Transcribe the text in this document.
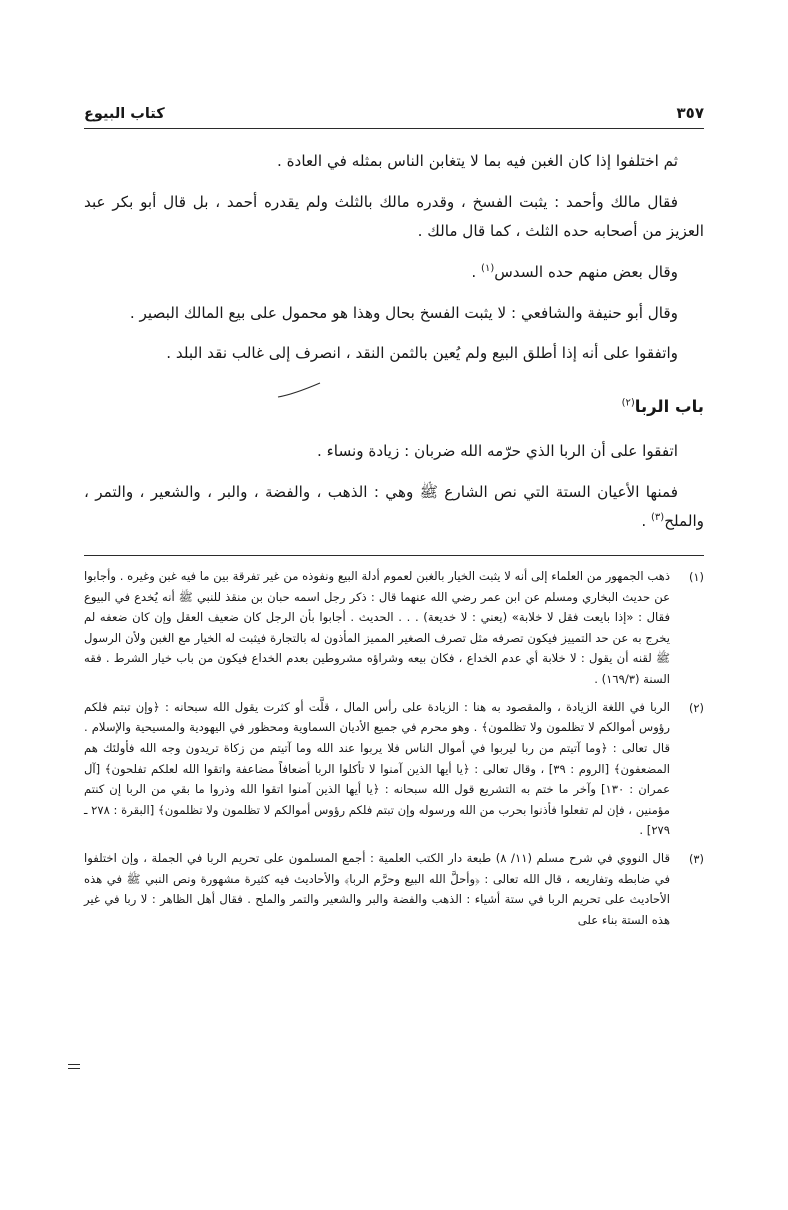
كتاب البيوع	٣٥٧

ثم اختلفوا إذا كان الغبن فيه بما لا يتغابن الناس بمثله في العادة .

فقال مالك وأحمد : يثبت الفسخ ، وقدره مالك بالثلث ولم يقدره أحمد ، بل قال أبو بكر عبد العزيز من أصحابه حده الثلث ، كما قال مالك .

وقال بعض منهم حده السدس$^{(١)}$ .

وقال أبو حنيفة والشافعي : لا يثبت الفسخ بحال وهذا هو محمول على بيع المالك البصير .

واتفقوا على أنه إذا أطلق البيع ولم يُعين بالثمن النقد ، انصرف إلى غالب نقد البلد .

باب الربا$^{(٢)}$

اتفقوا على أن الربا الذي حرّمه الله ضربان : زيادة ونساء .

فمنها الأعيان الستة التي نص الشارع ﷺ وهي : الذهب ، والفضة ، والبر ، والشعير ، والتمر ، والملح$^{(٣)}$ .

(١)
ذهب الجمهور من العلماء إلى أنه لا يثبت الخيار بالغبن لعموم أدلة البيع ونفوذه من غير تفرقة بين ما فيه غبن وغيره . وأجابوا عن حديث البخاري ومسلم عن ابن عمر رضي الله عنهما قال : ذكر رجل اسمه حبان بن منقذ للنبي ﷺ أنه يُخدع في البيوع فقال : «إذا بايعت فقل لا خلابة» (يعني : لا خديعة) . . . الحديث . أجابوا بأن الرجل كان ضعيف العقل وإن كان ضعفه لم يخرج به عن حد التمييز فيكون تصرفه مثل تصرف الصغير المميز المأذون له بالتجارة فيثبت له الخيار مع الغبن ولأن الرسول ﷺ لقنه أن يقول : لا خلابة أي عدم الخداع ، فكان بيعه وشراؤه مشروطين بعدم الخداع فيكون من باب خيار الشرط . فقه السنة (١٦٩/٣) .
(٢)
الربا في اللغة الزيادة ، والمقصود به هنا : الزيادة على رأس المال ، قلَّت أو كثرت يقول الله سبحانه : ﴿وإن تبتم فلكم رؤوس أموالكم لا تظلمون ولا تظلمون﴾ . وهو محرم في جميع الأديان السماوية ومحظور في اليهودية والمسيحية والإسلام . قال تعالى : ﴿وما آتيتم من ربا ليربوا في أموال الناس فلا يربوا عند الله وما آتيتم من زكاة تريدون وجه الله فأولئك هم المضعفون﴾ [الروم : ٣٩] ، وقال تعالى : ﴿يا أيها الذين آمنوا لا تأكلوا الربا أضعافاً مضاعفة واتقوا الله لعلكم تفلحون﴾ [آل عمران : ١٣٠] وآخر ما ختم به التشريع قول الله سبحانه : ﴿يا أيها الذين آمنوا اتقوا الله وذروا ما بقي من الربا إن كنتم مؤمنين ، فإن لم تفعلوا فأذنوا بحرب من الله ورسوله وإن تبتم فلكم رؤوس أموالكم لا تظلمون ولا تظلمون﴾ [البقرة : ٢٧٨ ـ ٢٧٩] .
(٣)
قال النووي في شرح مسلم (١١/ ٨) طبعة دار الكتب العلمية : أجمع المسلمون على تحريم الربا في الجملة ، وإن اختلفوا في ضابطه وتفاريعه ، قال الله تعالى : ﴿وأحلَّ الله البيع وحرَّم الربا﴾ والأحاديث فيه كثيرة مشهورة ونص النبي ﷺ في هذه الأحاديث على تحريم الربا في ستة أشياء : الذهب والفضة والبر والشعير والتمر والملح . فقال أهل الظاهر : لا ربا في غير هذه الستة بناء على
